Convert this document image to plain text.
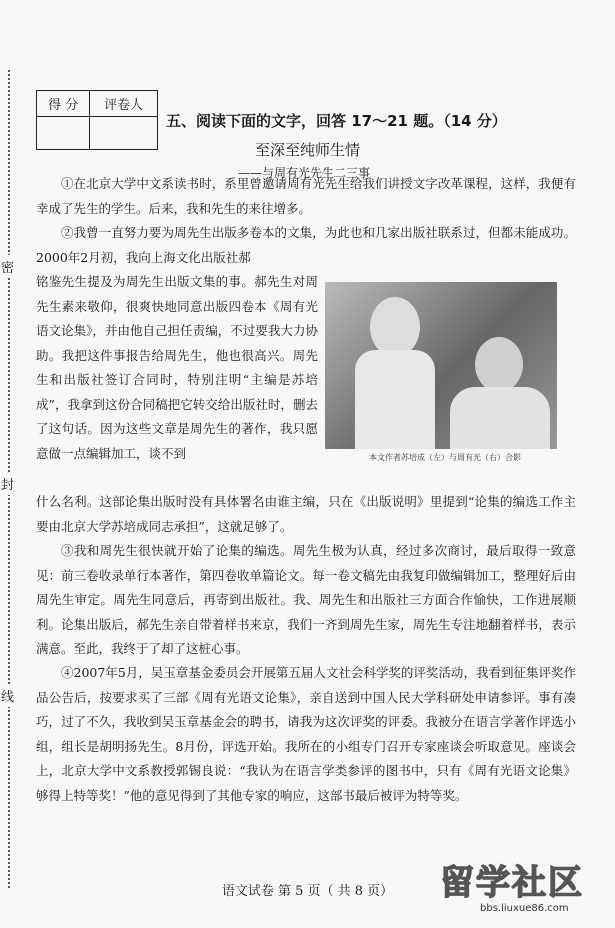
密
封
线
得 分	评卷人

五、阅读下面的文字，回答 17～21 题。（14 分）
至深至纯师生情
——与周有光先生二三事

①在北京大学中文系读书时，系里曾邀请周有光先生给我们讲授文字改革课程，这样，我便有幸成了先生的学生。后来，我和先生的来往增多。

②我曾一直努力要为周先生出版多卷本的文集，为此也和几家出版社联系过，但都未能成功。2000年2月初，我向上海文化出版社郝

铭鉴先生提及为周先生出版文集的事。郝先生对周先生素来敬仰，很爽快地同意出版四卷本《周有光语文论集》，并由他自己担任责编，不过要我大力协助。我把这件事报告给周先生，他也很高兴。周先生和出版社签订合同时，特别注明“主编是苏培成”，我拿到这份合同稿把它转交给出版社时，删去了这句话。因为这些文章是周先生的著作，我只愿意做一点编辑加工，谈不到	本文作者苏培成（左）与周有光（右）合影

什么名利。这部论集出版时没有具体署名由谁主编，只在《出版说明》里提到“论集的编选工作主要由北京大学苏培成同志承担”，这就足够了。

③我和周先生很快就开始了论集的编选。周先生极为认真，经过多次商讨，最后取得一致意见：前三卷收录单行本著作，第四卷收单篇论文。每一卷文稿先由我复印做编辑加工，整理好后由周先生审定。周先生同意后，再寄到出版社。我、周先生和出版社三方面合作愉快，工作进展顺利。论集出版后，郝先生亲自带着样书来京，我们一齐到周先生家，周先生专注地翻着样书，表示满意。至此，我终于了却了这桩心事。

④2007年5月，吴玉章基金委员会开展第五届人文社会科学奖的评奖活动，我看到征集评奖作品公告后，按要求买了三部《周有光语文论集》，亲自送到中国人民大学科研处申请参评。事有凑巧，过了不久，我收到吴玉章基金会的聘书，请我为这次评奖的评委。我被分在语言学著作评选小组，组长是胡明扬先生。8月份，评选开始。我所在的小组专门召开专家座谈会听取意见。座谈会上，北京大学中文系教授郭锡良说：“我认为在语言学类参评的图书中，只有《周有光语文论集》够得上特等奖！”他的意见得到了其他专家的响应，这部书最后被评为特等奖。

语文试卷 第 5 页（ 共 8 页）	留学社区
bbs.liuxue86.com
